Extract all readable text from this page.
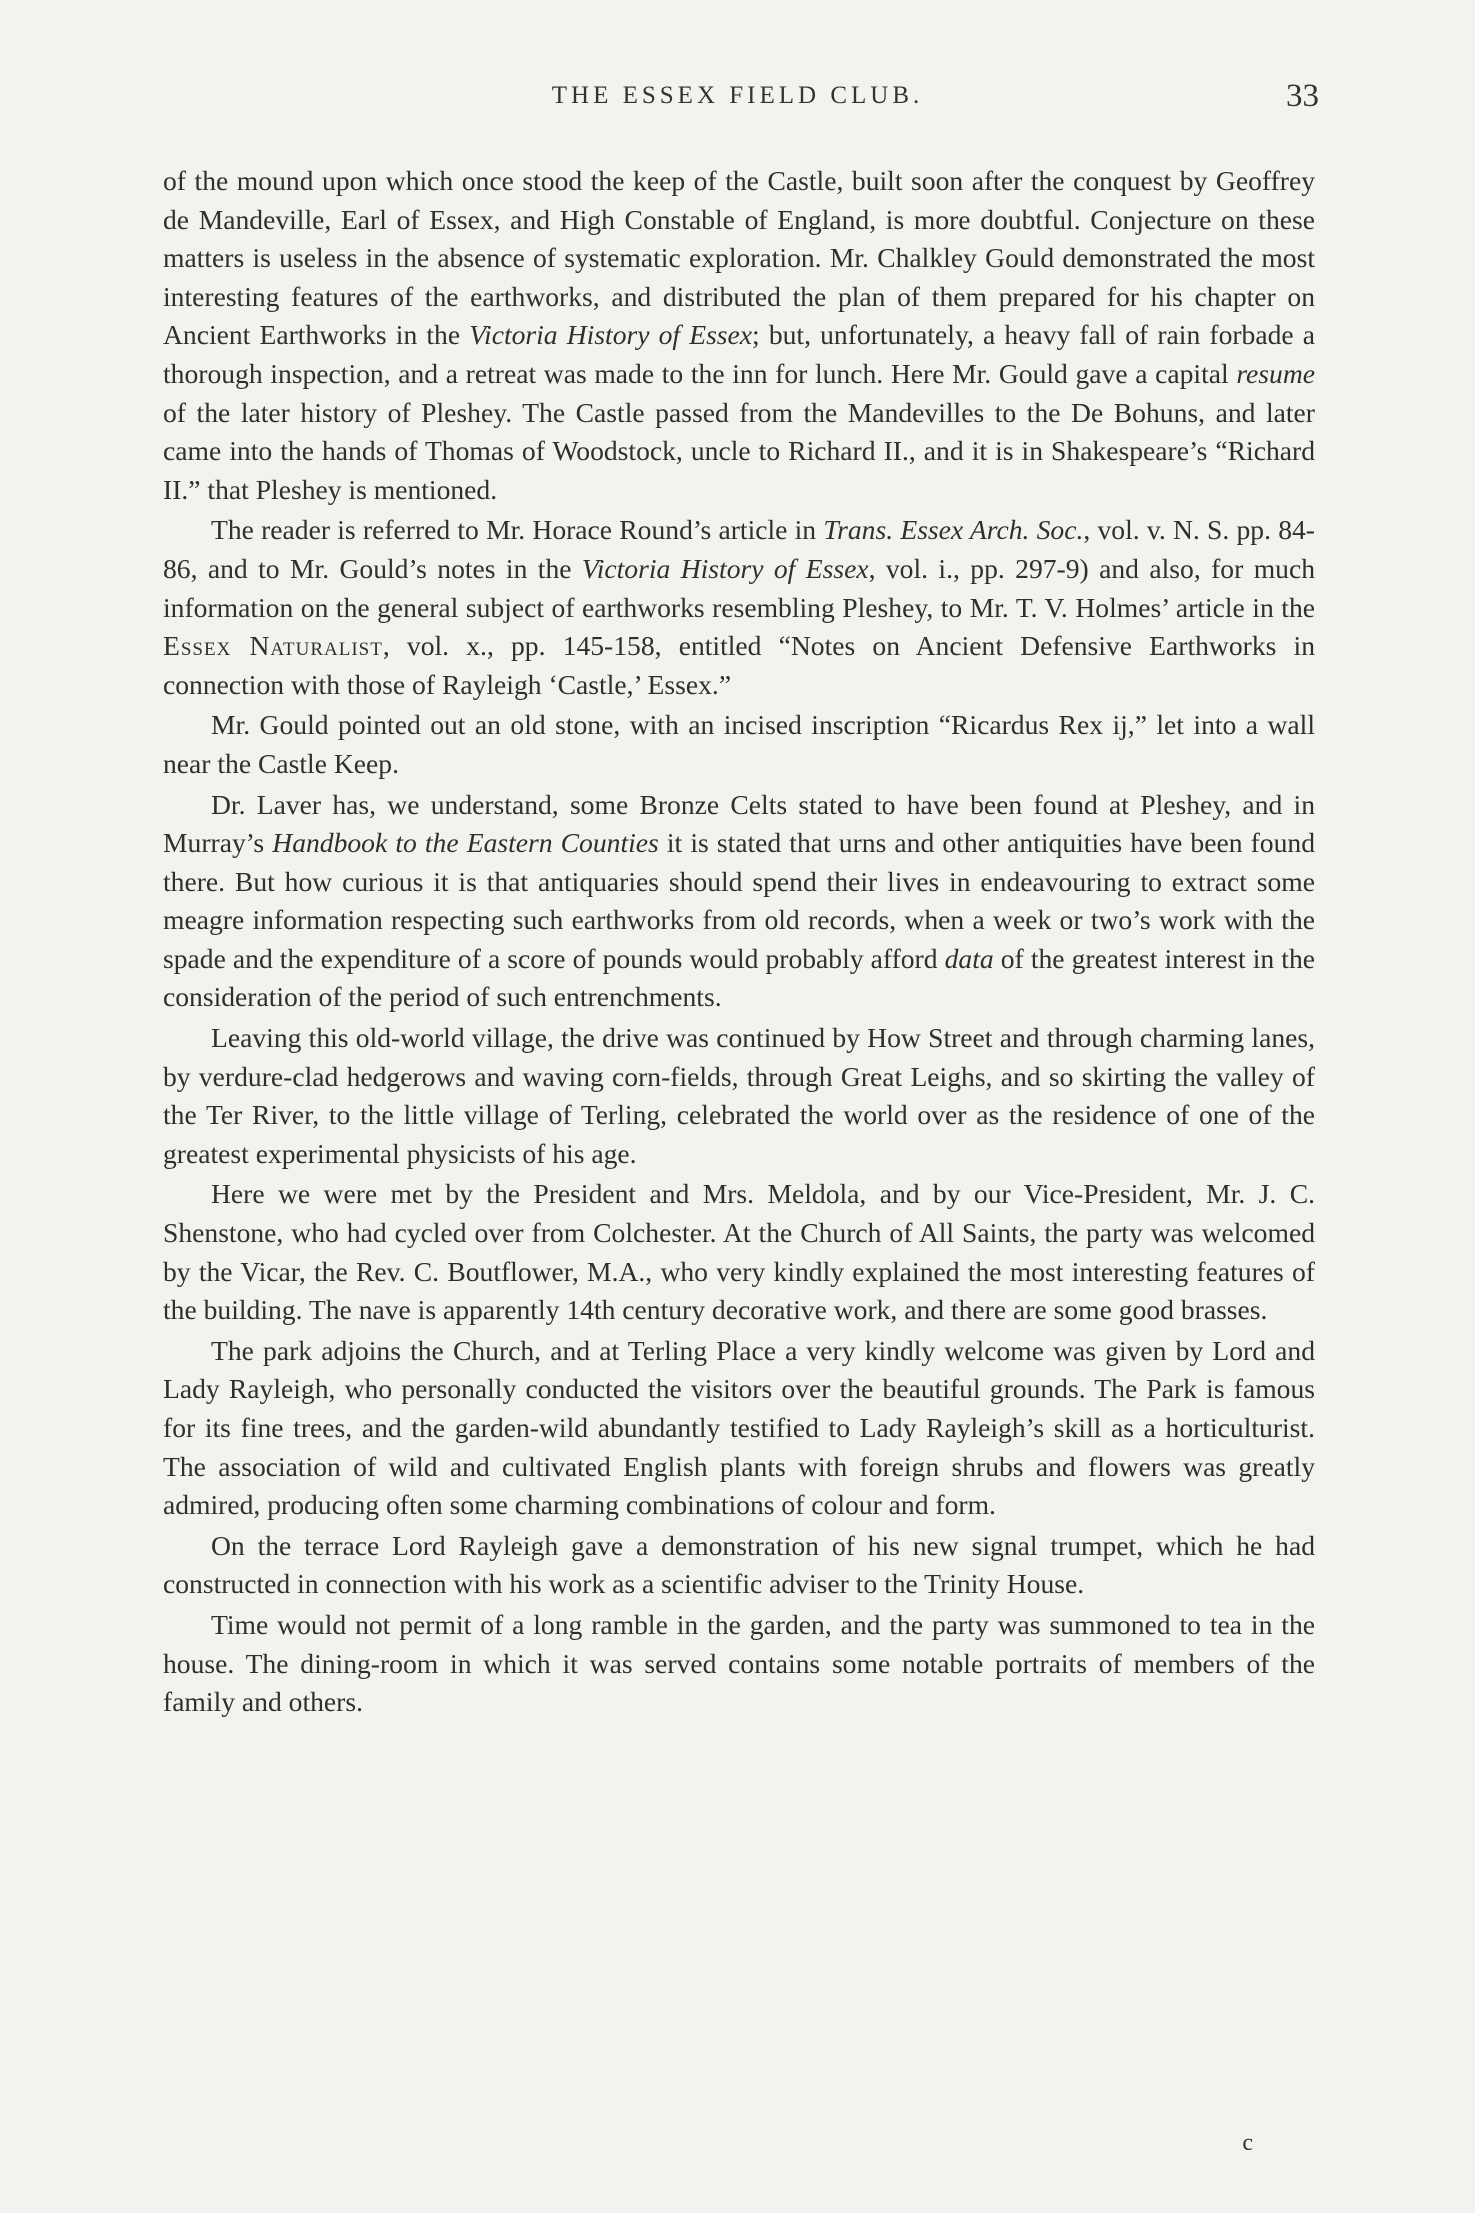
THE ESSEX FIELD CLUB.	33

of the mound upon which once stood the keep of the Castle, built soon after the conquest by Geoffrey de Mandeville, Earl of Essex, and High Constable of England, is more doubtful. Conjecture on these matters is useless in the absence of systematic exploration. Mr. Chalkley Gould demonstrated the most interesting features of the earthworks, and distributed the plan of them prepared for his chapter on Ancient Earthworks in the Victoria History of Essex; but, unfortunately, a heavy fall of rain forbade a thorough inspection, and a retreat was made to the inn for lunch. Here Mr. Gould gave a capital resume of the later history of Pleshey. The Castle passed from the Mandevilles to the De Bohuns, and later came into the hands of Thomas of Woodstock, uncle to Richard II., and it is in Shakespeare’s “Richard II.” that Pleshey is mentioned.

The reader is referred to Mr. Horace Round’s article in Trans. Essex Arch. Soc., vol. v. N. S. pp. 84-86, and to Mr. Gould’s notes in the Victoria History of Essex, vol. i., pp. 297-9) and also, for much information on the general subject of earthworks resembling Pleshey, to Mr. T. V. Holmes’ article in the Essex Naturalist, vol. x., pp. 145-158, entitled “Notes on Ancient Defensive Earthworks in connection with those of Rayleigh ‘Castle,’ Essex.”

Mr. Gould pointed out an old stone, with an incised inscription “Ricardus Rex ij,” let into a wall near the Castle Keep.

Dr. Laver has, we understand, some Bronze Celts stated to have been found at Pleshey, and in Murray’s Handbook to the Eastern Counties it is stated that urns and other antiquities have been found there. But how curious it is that antiquaries should spend their lives in endeavouring to extract some meagre information respecting such earthworks from old records, when a week or two’s work with the spade and the expenditure of a score of pounds would probably afford data of the greatest interest in the consideration of the period of such entrenchments.

Leaving this old-world village, the drive was continued by How Street and through charming lanes, by verdure-clad hedgerows and waving corn-fields, through Great Leighs, and so skirting the valley of the Ter River, to the little village of Terling, celebrated the world over as the residence of one of the greatest experimental physicists of his age.

Here we were met by the President and Mrs. Meldola, and by our Vice-President, Mr. J. C. Shenstone, who had cycled over from Colchester. At the Church of All Saints, the party was welcomed by the Vicar, the Rev. C. Boutflower, M.A., who very kindly explained the most interesting features of the building. The nave is apparently 14th century decorative work, and there are some good brasses.

The park adjoins the Church, and at Terling Place a very kindly welcome was given by Lord and Lady Rayleigh, who personally conducted the visitors over the beautiful grounds. The Park is famous for its fine trees, and the garden-wild abundantly testified to Lady Rayleigh’s skill as a horticulturist. The association of wild and cultivated English plants with foreign shrubs and flowers was greatly admired, producing often some charming combinations of colour and form.

On the terrace Lord Rayleigh gave a demonstration of his new signal trumpet, which he had constructed in connection with his work as a scientific adviser to the Trinity House.

Time would not permit of a long ramble in the garden, and the party was summoned to tea in the house. The dining-room in which it was served contains some notable portraits of members of the family and others.

c
